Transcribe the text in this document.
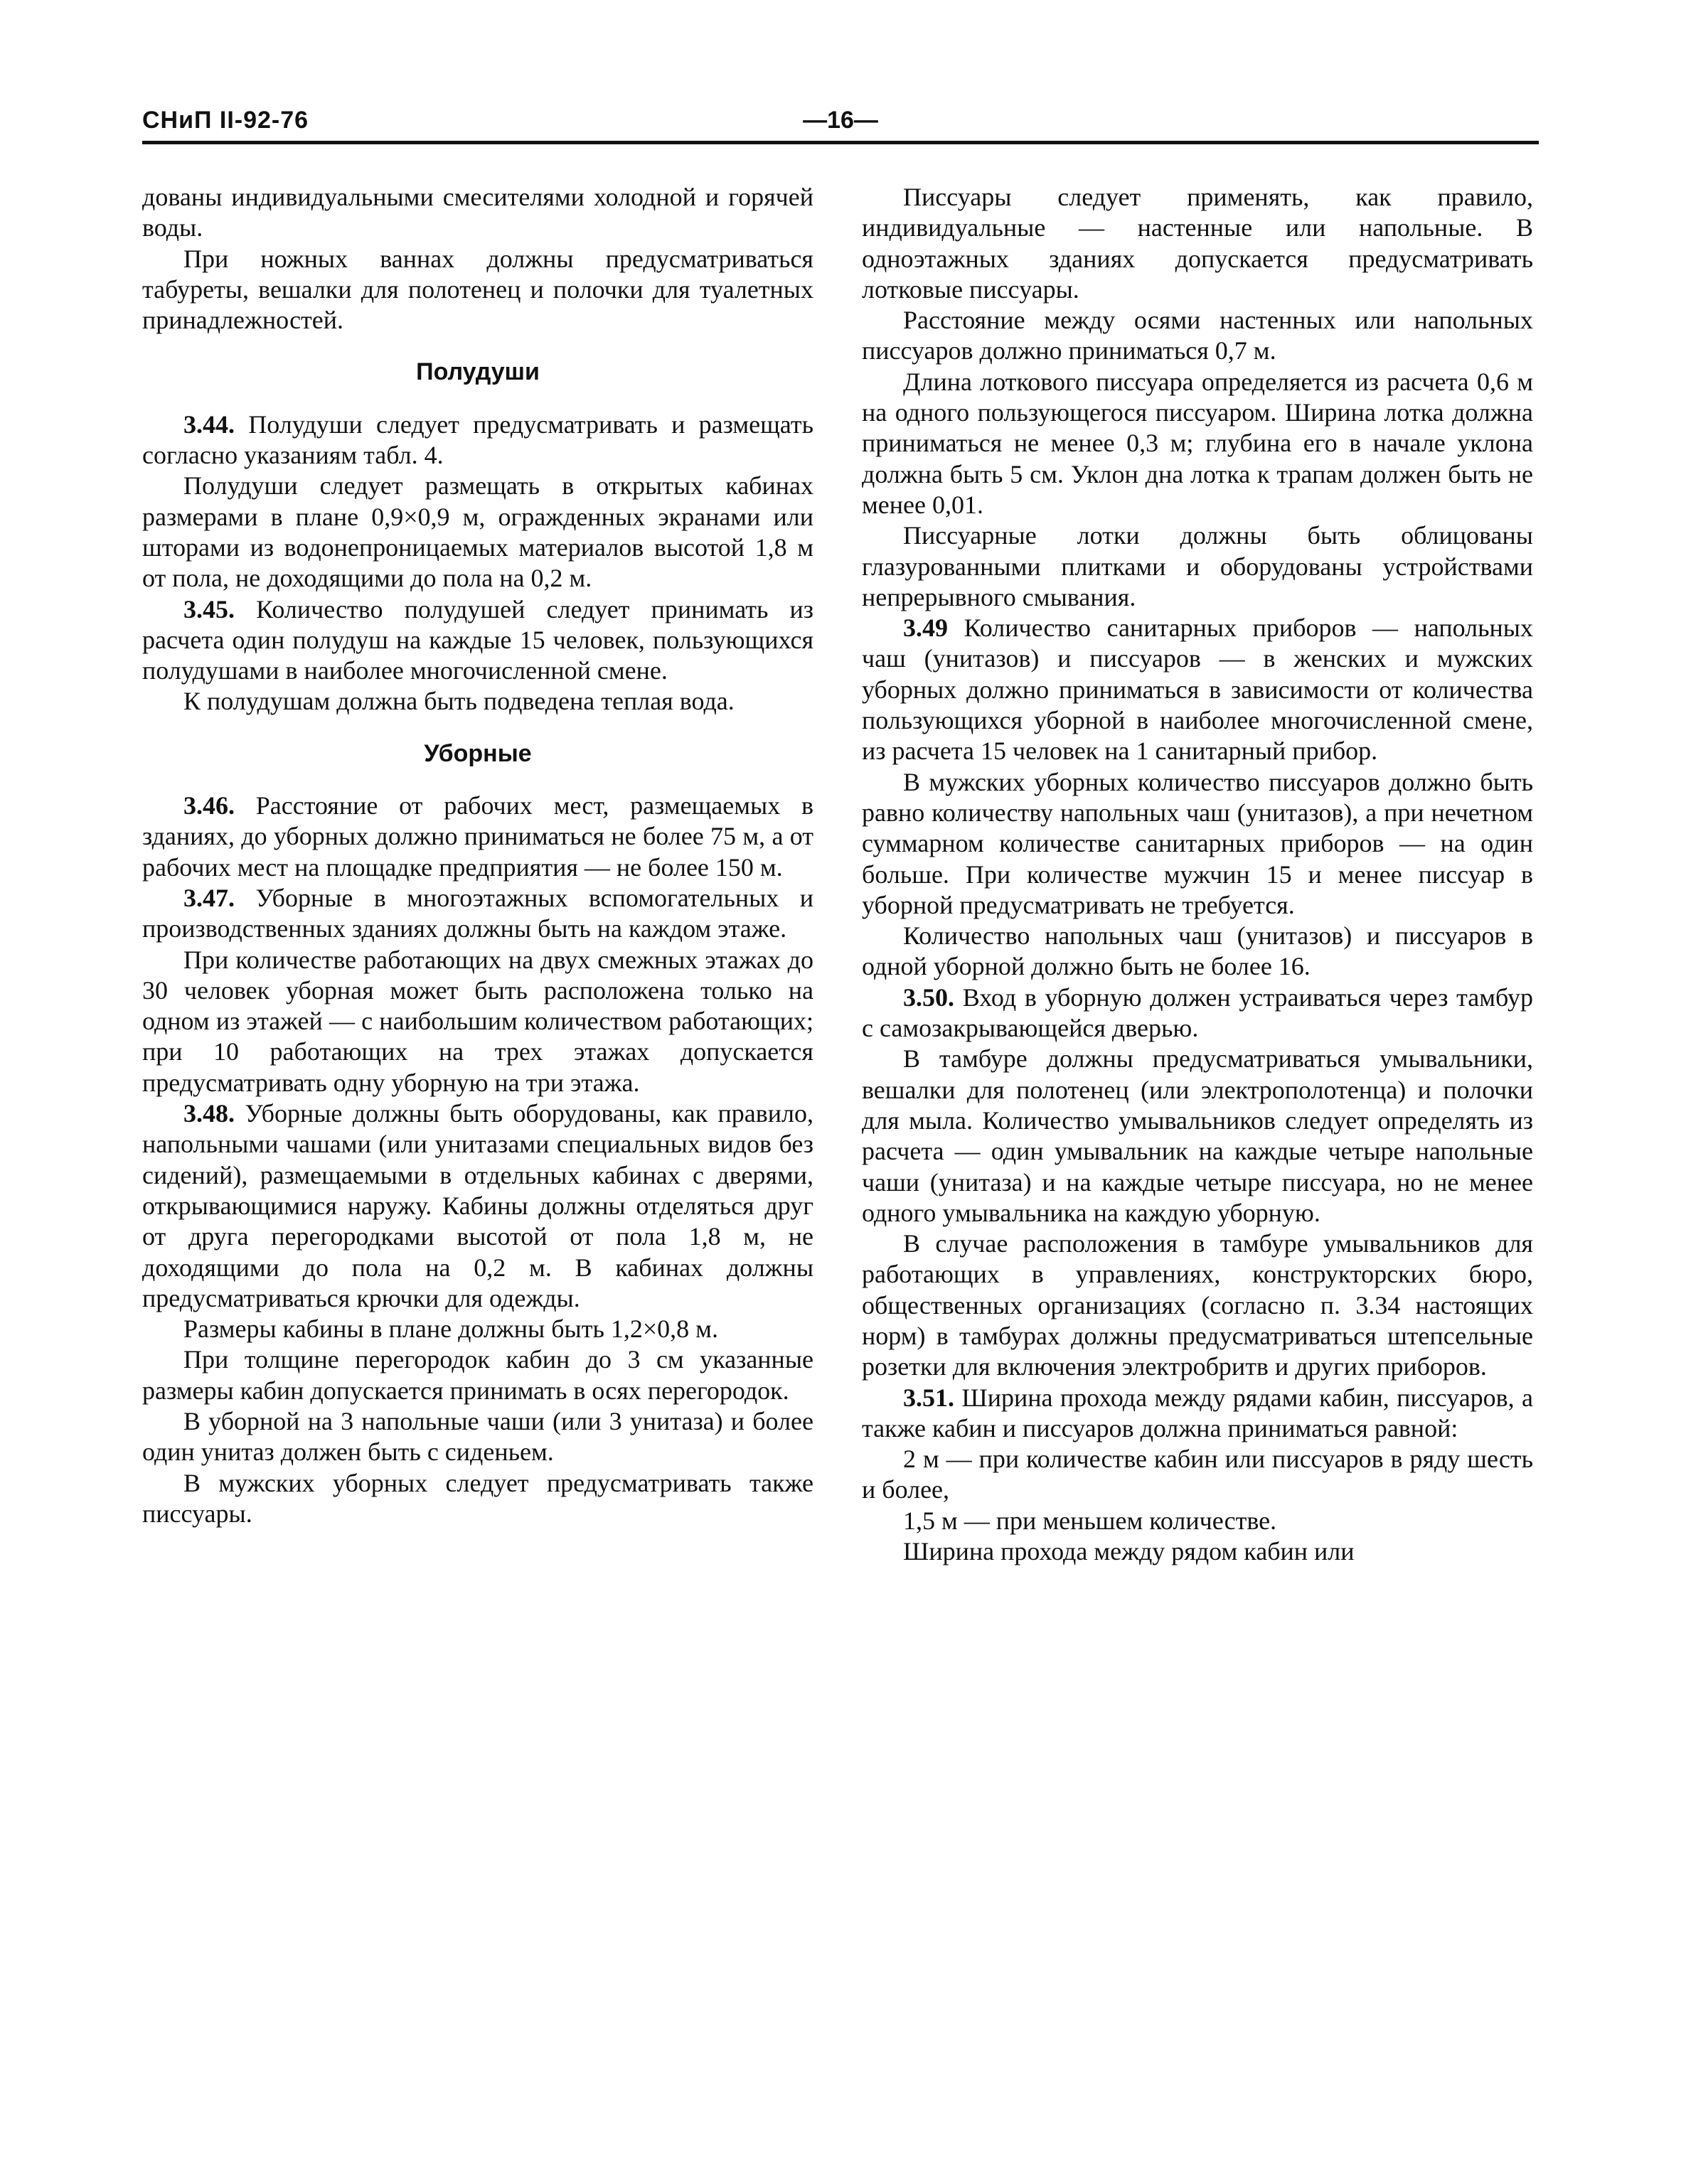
СНиП II-92-76	—16—

дованы индивидуальными смесителями холодной и горячей воды.

При ножных ваннах должны предусматриваться табуреты, вешалки для полотенец и полочки для туалетных принадлежностей.

Полудуши

3.44. Полудуши следует предусматривать и размещать согласно указаниям табл. 4.

Полудуши следует размещать в открытых кабинах размерами в плане 0,9×0,9 м, огражденных экранами или шторами из водонепроницаемых материалов высотой 1,8 м от пола, не доходящими до пола на 0,2 м.

3.45. Количество полудушей следует принимать из расчета один полудуш на каждые 15 человек, пользующихся полудушами в наиболее многочисленной смене.

К полудушам должна быть подведена теплая вода.

Уборные

3.46. Расстояние от рабочих мест, размещаемых в зданиях, до уборных должно приниматься не более 75 м, а от рабочих мест на площадке предприятия — не более 150 м.

3.47. Уборные в многоэтажных вспомогательных и производственных зданиях должны быть на каждом этаже.

При количестве работающих на двух смежных этажах до 30 человек уборная может быть расположена только на одном из этажей — с наибольшим количеством работающих; при 10 работающих на трех этажах допускается предусматривать одну уборную на три этажа.

3.48. Уборные должны быть оборудованы, как правило, напольными чашами (или унитазами специальных видов без сидений), размещаемыми в отдельных кабинах с дверями, открывающимися наружу. Кабины должны отделяться друг от друга перегородками высотой от пола 1,8 м, не доходящими до пола на 0,2 м. В кабинах должны предусматриваться крючки для одежды.

Размеры кабины в плане должны быть 1,2×0,8 м.

При толщине перегородок кабин до 3 см указанные размеры кабин допускается принимать в осях перегородок.

В уборной на 3 напольные чаши (или 3 унитаза) и более один унитаз должен быть с сиденьем.

В мужских уборных следует предусматривать также писсуары.

Писсуары следует применять, как правило, индивидуальные — настенные или напольные. В одноэтажных зданиях допускается предусматривать лотковые писсуары.

Расстояние между осями настенных или напольных писсуаров должно приниматься 0,7 м.

Длина лоткового писсуара определяется из расчета 0,6 м на одного пользующегося писсуаром. Ширина лотка должна приниматься не менее 0,3 м; глубина его в начале уклона должна быть 5 см. Уклон дна лотка к трапам должен быть не менее 0,01.

Писсуарные лотки должны быть облицованы глазурованными плитками и оборудованы устройствами непрерывного смывания.

3.49 Количество санитарных приборов — напольных чаш (унитазов) и писсуаров — в женских и мужских уборных должно приниматься в зависимости от количества пользующихся уборной в наиболее многочисленной смене, из расчета 15 человек на 1 санитарный прибор.

В мужских уборных количество писсуаров должно быть равно количеству напольных чаш (унитазов), а при нечетном суммарном количестве санитарных приборов — на один больше. При количестве мужчин 15 и менее писсуар в уборной предусматривать не требуется.

Количество напольных чаш (унитазов) и писсуаров в одной уборной должно быть не более 16.

3.50. Вход в уборную должен устраиваться через тамбур с самозакрывающейся дверью.

В тамбуре должны предусматриваться умывальники, вешалки для полотенец (или электрополотенца) и полочки для мыла. Количество умывальников следует определять из расчета — один умывальник на каждые четыре напольные чаши (унитаза) и на каждые четыре писсуара, но не менее одного умывальника на каждую уборную.

В случае расположения в тамбуре умывальников для работающих в управлениях, конструкторских бюро, общественных организациях (согласно п. 3.34 настоящих норм) в тамбурах должны предусматриваться штепсельные розетки для включения электробритв и других приборов.

3.51. Ширина прохода между рядами кабин, писсуаров, а также кабин и писсуаров должна приниматься равной:

2 м — при количестве кабин или писсуаров в ряду шесть и более,

1,5 м — при меньшем количестве.

Ширина прохода между рядом кабин или
